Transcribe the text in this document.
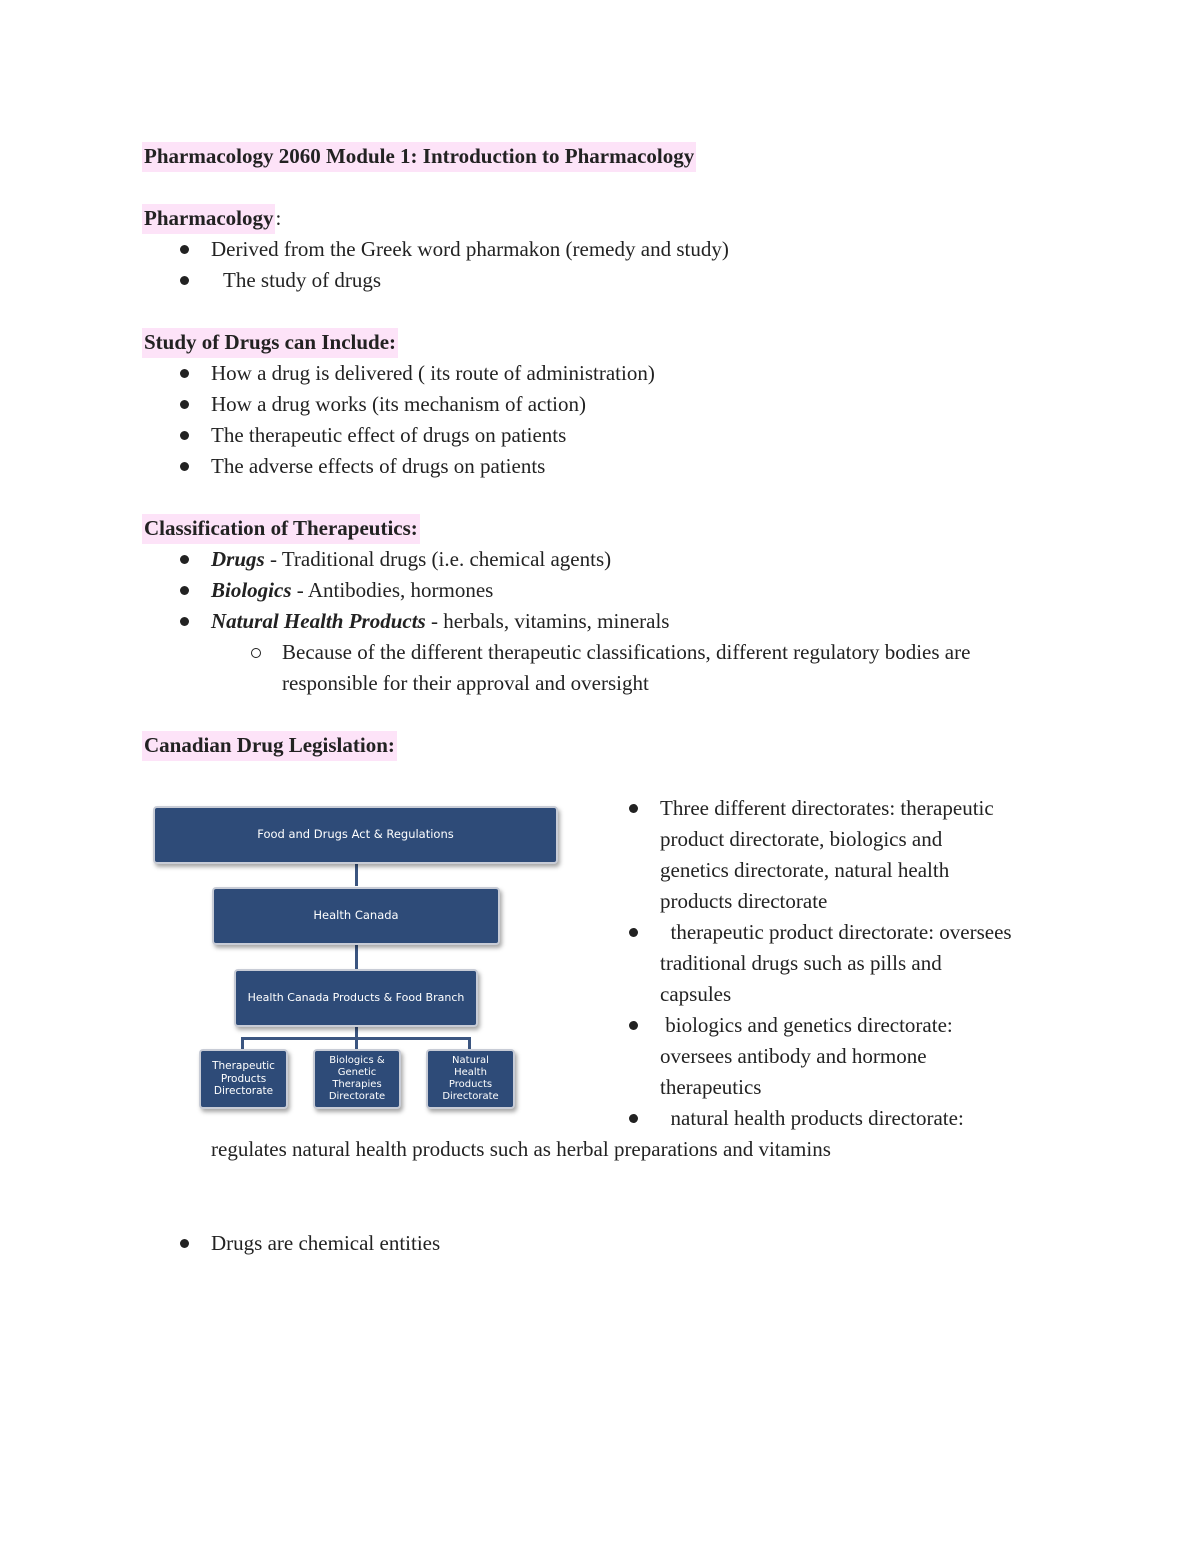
Pharmacology 2060 Module 1: Introduction to Pharmacology
Pharmacology:
Derived from the Greek word pharmakon (remedy and study)
The study of drugs
Study of Drugs can Include:
How a drug is delivered ( its route of administration)
How a drug works (its mechanism of action)
The therapeutic effect of drugs on patients
The adverse effects of drugs on patients
Classification of Therapeutics:
Drugs - Traditional drugs (i.e. chemical agents)
Biologics - Antibodies, hormones
Natural Health Products - herbals, vitamins, minerals
Because of the different therapeutic classifications, different regulatory bodies are
responsible for their approval and oversight
Canadian Drug Legislation:
Food and Drugs Act & Regulations
Health Canada
Health Canada Products & Food Branch
Therapeutic
Products
Directorate
Biologics &
Genetic
Therapies
Directorate
Natural
Health
Products
Directorate
Three different directorates: therapeutic
product directorate, biologics and
genetics directorate, natural health
products directorate
therapeutic product directorate: oversees
traditional drugs such as pills and
capsules
biologics and genetics directorate:
oversees antibody and hormone
therapeutics
natural health products directorate:
regulates natural health products such as herbal preparations and vitamins
Drugs are chemical entities
